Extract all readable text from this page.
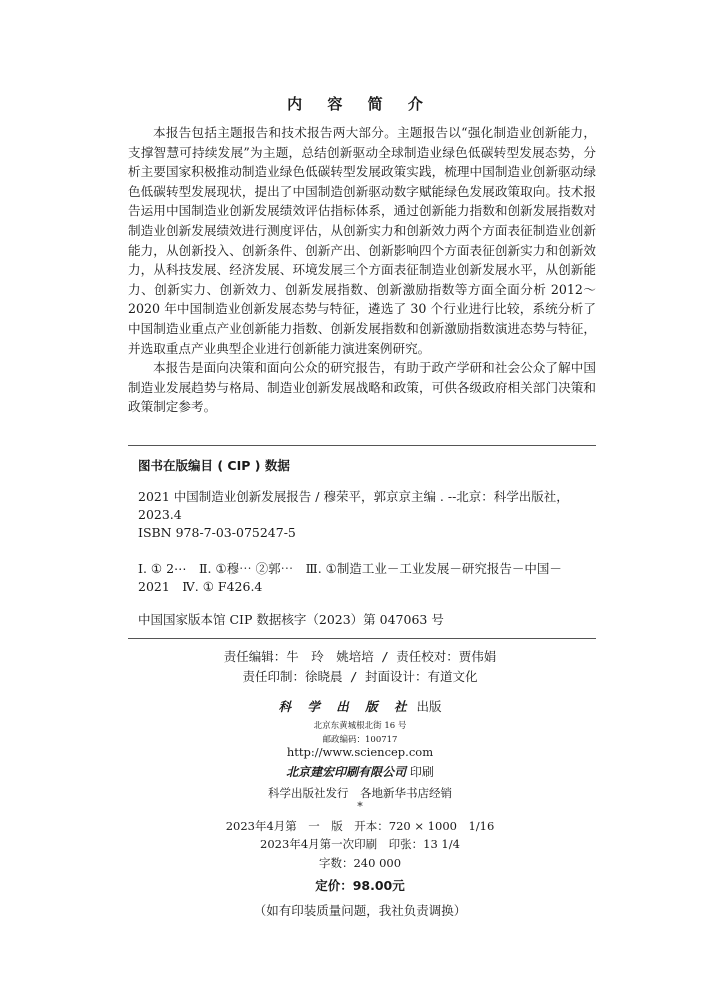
内 容 简 介

本报告包括主题报告和技术报告两大部分。主题报告以“强化制造业创新能力，支撑智慧可持续发展”为主题，总结创新驱动全球制造业绿色低碳转型发展态势，分析主要国家积极推动制造业绿色低碳转型发展政策实践，梳理中国制造业创新驱动绿色低碳转型发展现状，提出了中国制造创新驱动数字赋能绿色发展政策取向。技术报告运用中国制造业创新发展绩效评估指标体系，通过创新能力指数和创新发展指数对制造业创新发展绩效进行测度评估，从创新实力和创新效力两个方面表征制造业创新能力，从创新投入、创新条件、创新产出、创新影响四个方面表征创新实力和创新效力，从科技发展、经济发展、环境发展三个方面表征制造业创新发展水平，从创新能力、创新实力、创新效力、创新发展指数、创新激励指数等方面全面分析 2012～2020 年中国制造业创新发展态势与特征，遴选了 30 个行业进行比较，系统分析了中国制造业重点产业创新能力指数、创新发展指数和创新激励指数演进态势与特征，并选取重点产业典型企业进行创新能力演进案例研究。

本报告是面向决策和面向公众的研究报告，有助于政产学研和社会公众了解中国制造业发展趋势与格局、制造业创新发展战略和政策，可供各级政府相关部门决策和政策制定参考。

图书在版编目 ( CIP ) 数据
2021 中国制造业创新发展报告 / 穆荣平，郭京京主编 . --北京：科学出版社，2023.4
ISBN 978-7-03-075247-5
Ⅰ. ① 2⋯　Ⅱ. ①穆⋯ ②郭⋯　Ⅲ. ①制造工业－工业发展－研究报告－中国－2021　Ⅳ. ① F426.4
中国国家版本馆 CIP 数据核字（2023）第 047063 号
责任编辑：牛　玲　姚培培 / 责任校对：贾伟娟
责任印制：徐晓晨 / 封面设计：有道文化
科 学 出 版 社 出版
北京东黄城根北街 16 号
邮政编码：100717
http://www.sciencep.com
北京建宏印刷有限公司 印刷
科学出版社发行　各地新华书店经销
*
2023年4月第　一　版　开本：720 × 1000　1/16
2023年4月第一次印刷　印张：13 1/4
字数：240 000
定价：98.00元
（如有印装质量问题，我社负责调换）
